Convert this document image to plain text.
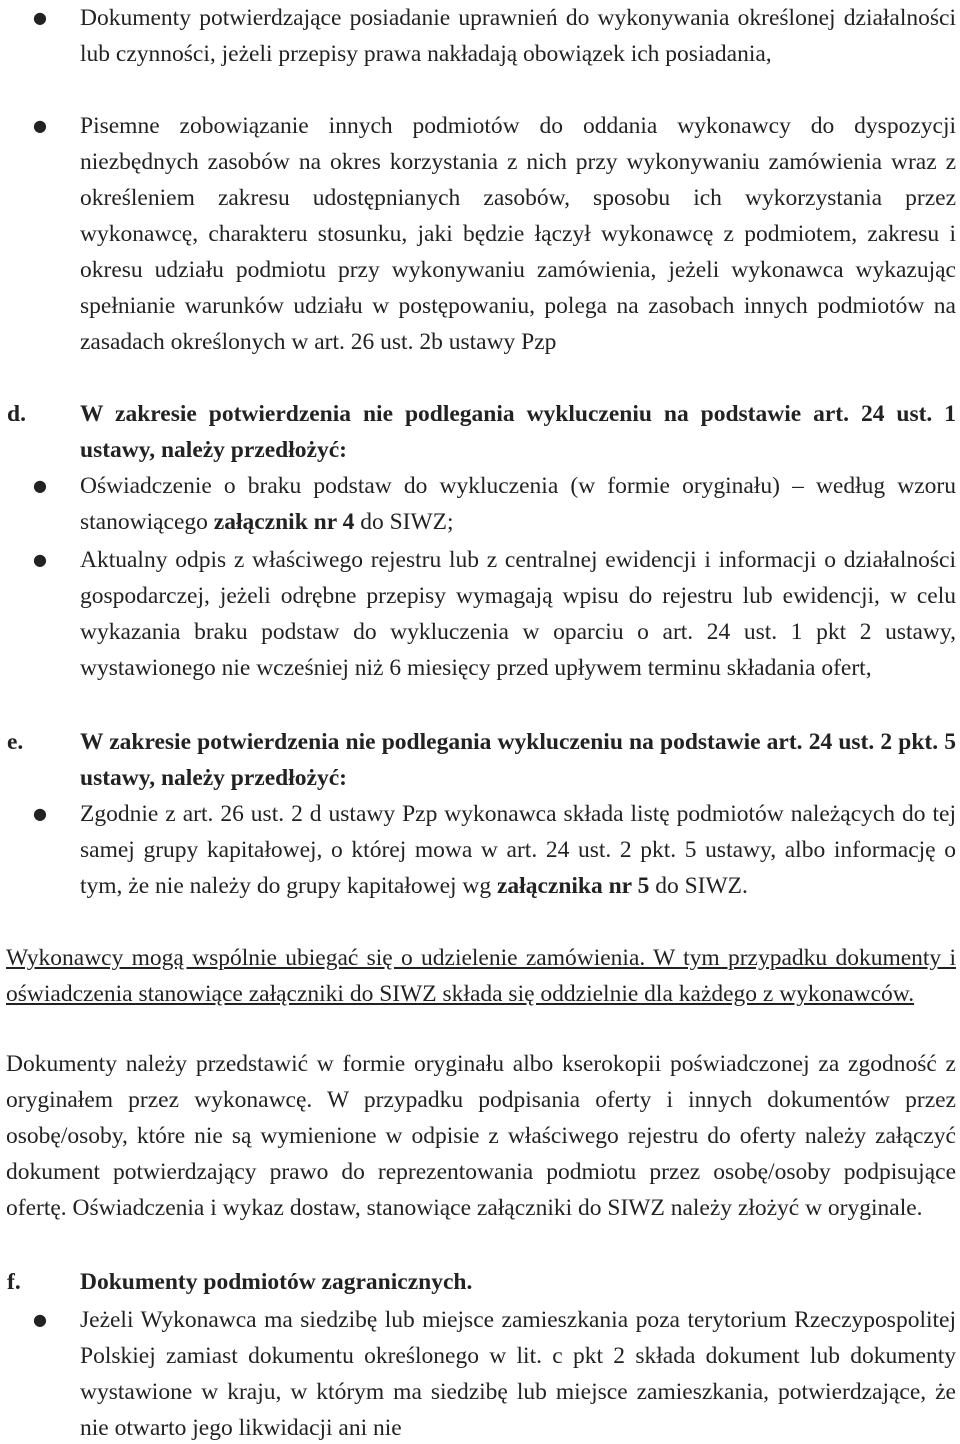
● Dokumenty potwierdzające posiadanie uprawnień do wykonywania określonej działalności lub czynności, jeżeli przepisy prawa nakładają obowiązek ich posiadania,
● Pisemne zobowiązanie innych podmiotów do oddania wykonawcy do dyspozycji niezbędnych zasobów na okres korzystania z nich przy wykonywaniu zamówienia wraz z określeniem zakresu udostępnianych zasobów, sposobu ich wykorzystania przez wykonawcę, charakteru stosunku, jaki będzie łączył wykonawcę z podmiotem, zakresu i okresu udziału podmiotu przy wykonywaniu zamówienia, jeżeli wykonawca wykazując spełnianie warunków udziału w postępowaniu, polega na zasobach innych podmiotów na zasadach określonych w art. 26 ust. 2b ustawy Pzp
d. W zakresie potwierdzenia nie podlegania wykluczeniu na podstawie art. 24 ust. 1 ustawy, należy przedłożyć:
● Oświadczenie o braku podstaw do wykluczenia (w formie oryginału) – według wzoru stanowiącego załącznik nr 4 do SIWZ;
● Aktualny odpis z właściwego rejestru lub z centralnej ewidencji i informacji o działalności gospodarczej, jeżeli odrębne przepisy wymagają wpisu do rejestru lub ewidencji, w celu wykazania braku podstaw do wykluczenia w oparciu o art. 24 ust. 1 pkt 2 ustawy, wystawionego nie wcześniej niż 6 miesięcy przed upływem terminu składania ofert,
e. W zakresie potwierdzenia nie podlegania wykluczeniu na podstawie art. 24 ust. 2 pkt. 5 ustawy, należy przedłożyć:
● Zgodnie z art. 26 ust. 2 d ustawy Pzp wykonawca składa listę podmiotów należących do tej samej grupy kapitałowej, o której mowa w art. 24 ust. 2 pkt. 5 ustawy, albo informację o tym, że nie należy do grupy kapitałowej wg załącznika nr 5 do SIWZ.
Wykonawcy mogą wspólnie ubiegać się o udzielenie zamówienia. W tym przypadku dokumenty i oświadczenia stanowiące załączniki do SIWZ składa się oddzielnie dla każdego z wykonawców.
Dokumenty należy przedstawić w formie oryginału albo kserokopii poświadczonej za zgodność z oryginałem przez wykonawcę. W przypadku podpisania oferty i innych dokumentów przez osobę/osoby, które nie są wymienione w odpisie z właściwego rejestru do oferty należy załączyć dokument potwierdzający prawo do reprezentowania podmiotu przez osobę/osoby podpisujące ofertę. Oświadczenia i wykaz dostaw, stanowiące załączniki do SIWZ należy złożyć w oryginale.
f.	Dokumenty podmiotów zagranicznych.
● Jeżeli Wykonawca ma siedzibę lub miejsce zamieszkania poza terytorium Rzeczypospolitej Polskiej zamiast dokumentu określonego w lit. c pkt 2 składa dokument lub dokumenty wystawione w kraju, w którym ma siedzibę lub miejsce zamieszkania, potwierdzające, że nie otwarto jego likwidacji ani nie
